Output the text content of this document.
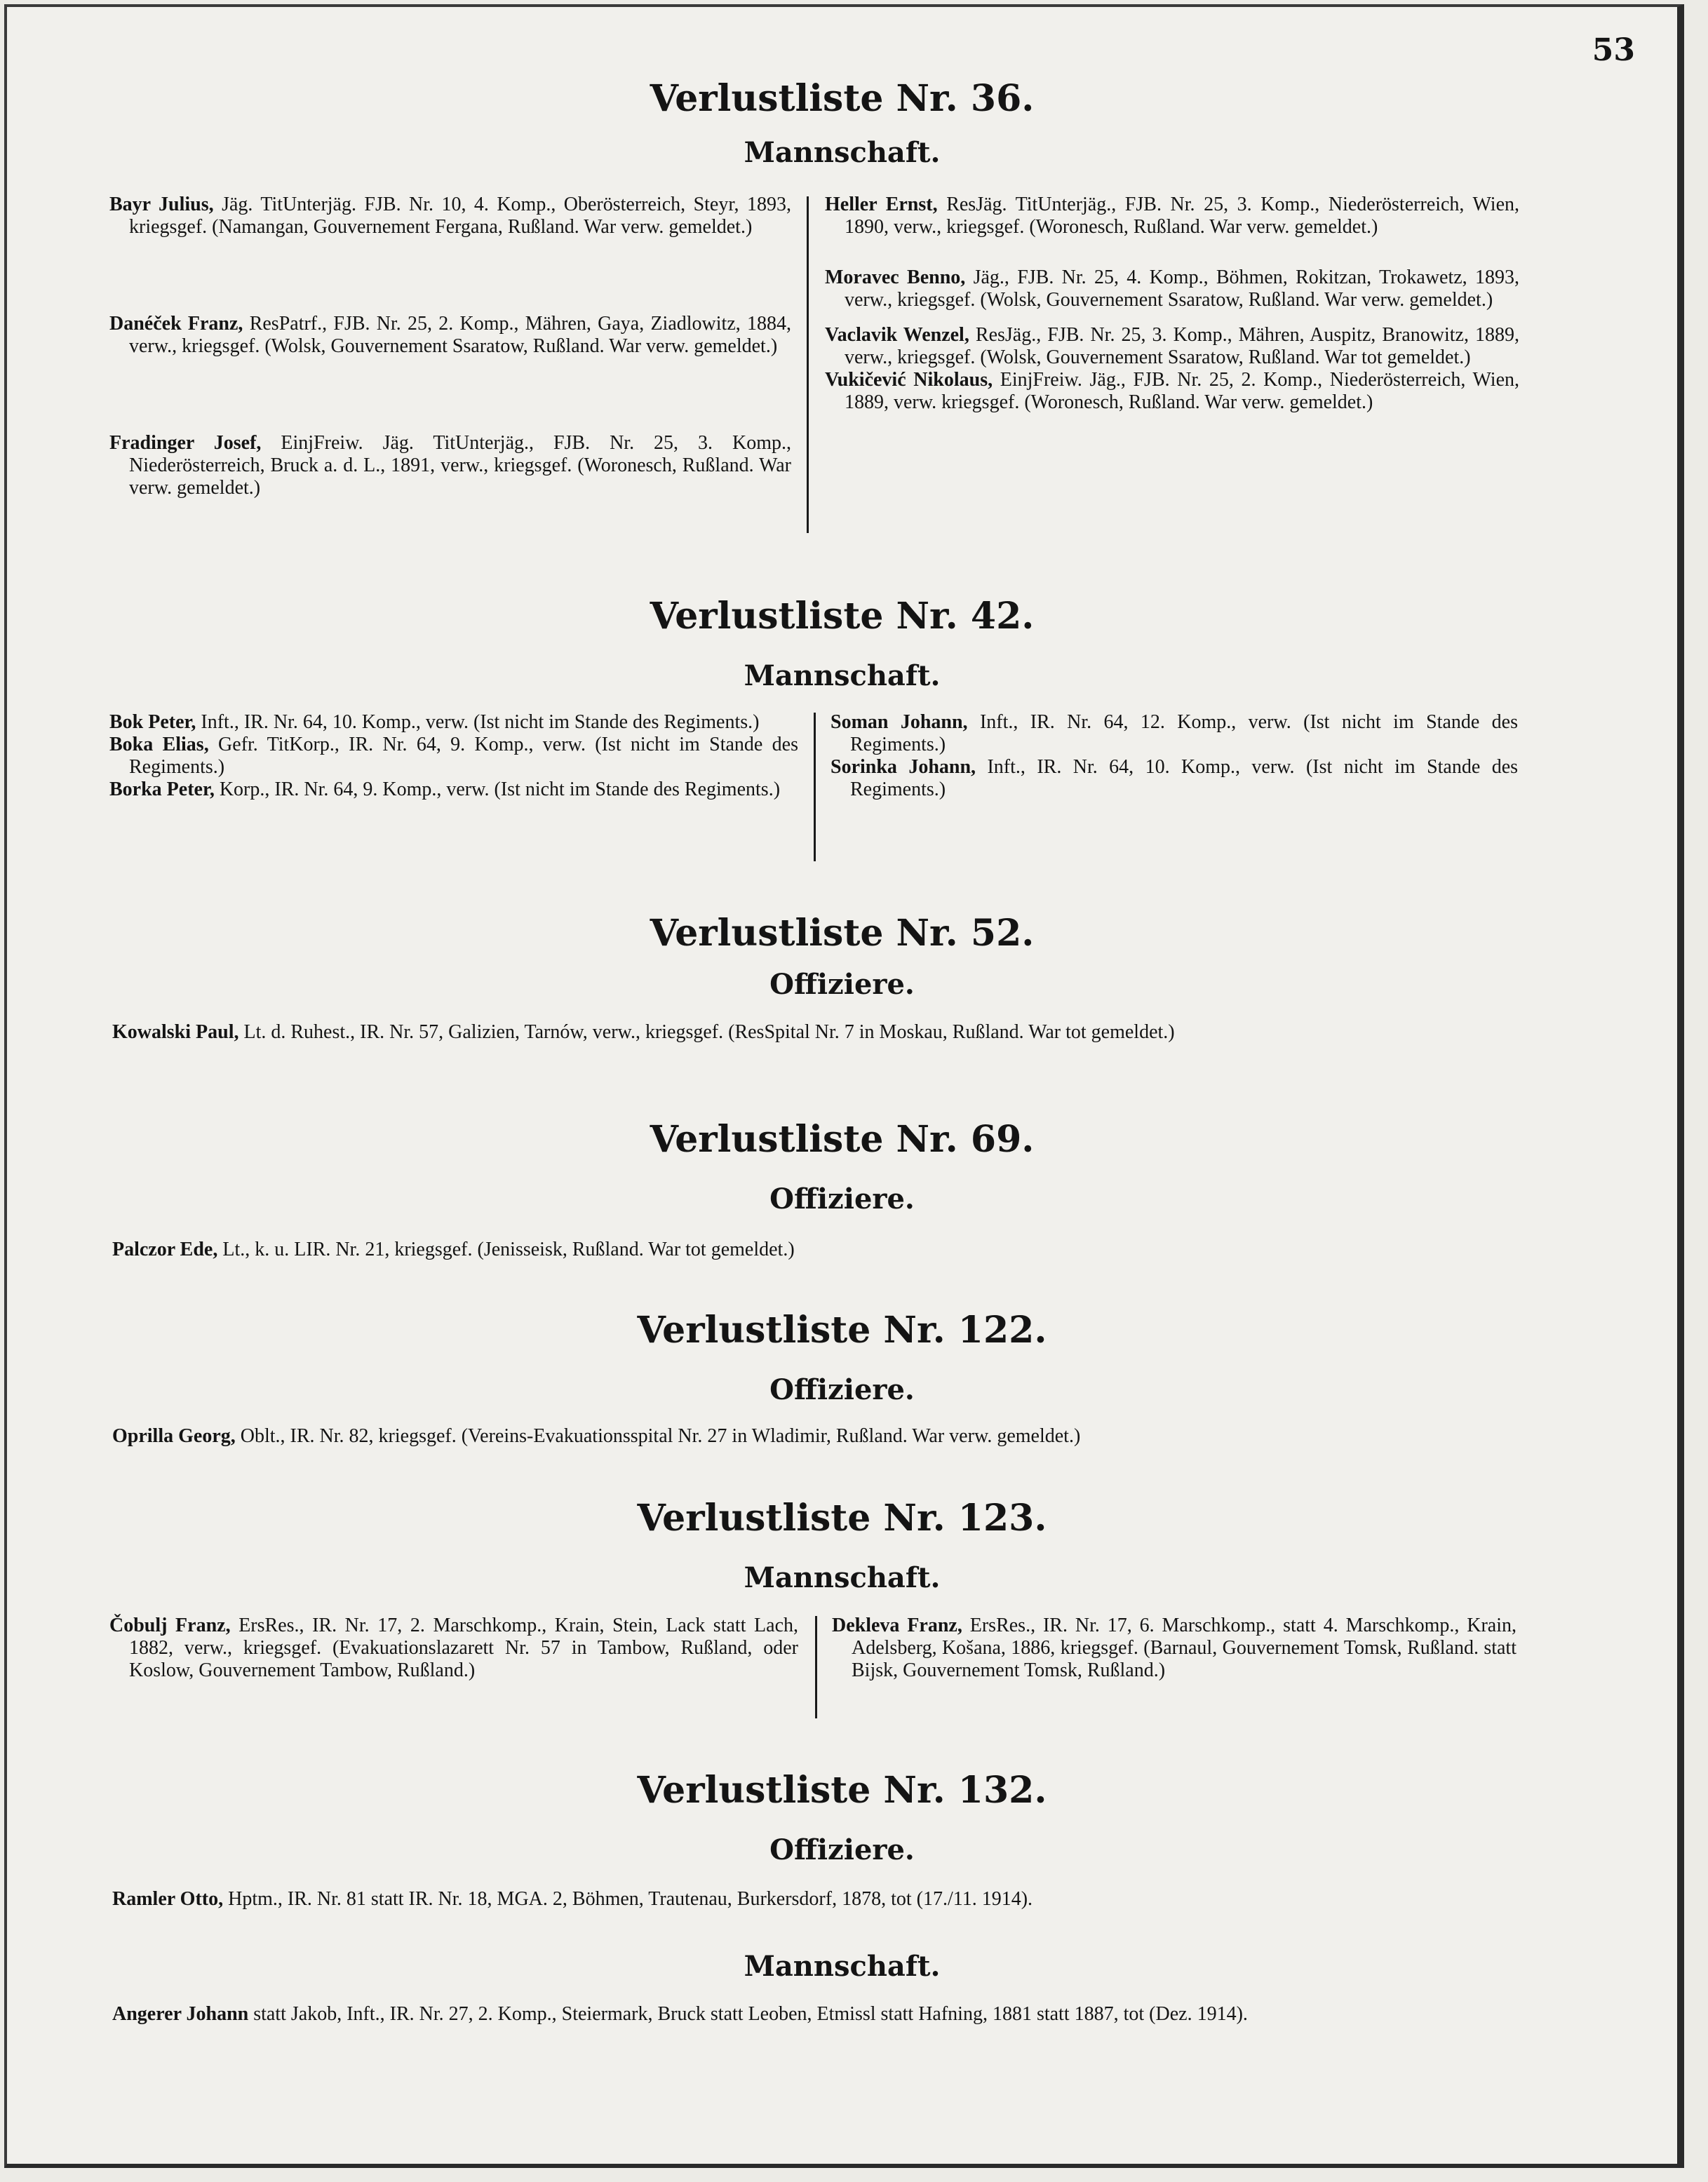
53
Verlustliste Nr. 36.
Mannschaft.

Bayr Julius, Jäg. TitUnterjäg. FJB. Nr. 10, 4. Komp., Oberösterreich, Steyr, 1893, kriegsgef. (Namangan, Gouvernement Fergana, Rußland. War verw. gemeldet.)

Danéček Franz, ResPatrf., FJB. Nr. 25, 2. Komp., Mähren, Gaya, Ziadlowitz, 1884, verw., kriegsgef. (Wolsk, Gouvernement Ssaratow, Rußland. War verw. gemeldet.)

Fradinger Josef, EinjFreiw. Jäg. TitUnterjäg., FJB. Nr. 25, 3. Komp., Niederösterreich, Bruck a. d. L., 1891, verw., kriegsgef. (Woronesch, Rußland. War verw. gemeldet.)

Heller Ernst, ResJäg. TitUnterjäg., FJB. Nr. 25, 3. Komp., Niederösterreich, Wien, 1890, verw., kriegsgef. (Woronesch, Rußland. War verw. gemeldet.)

Moravec Benno, Jäg., FJB. Nr. 25, 4. Komp., Böhmen, Rokitzan, Trokawetz, 1893, verw., kriegsgef. (Wolsk, Gouvernement Ssaratow, Rußland. War verw. gemeldet.)

Vaclavik Wenzel, ResJäg., FJB. Nr. 25, 3. Komp., Mähren, Auspitz, Branowitz, 1889, verw., kriegsgef. (Wolsk, Gouvernement Ssaratow, Rußland. War tot gemeldet.)

Vukičević Nikolaus, EinjFreiw. Jäg., FJB. Nr. 25, 2. Komp., Niederösterreich, Wien, 1889, verw. kriegsgef. (Woronesch, Rußland. War verw. gemeldet.)

Verlustliste Nr. 42.
Mannschaft.

Bok Peter, Inft., IR. Nr. 64, 10. Komp., verw. (Ist nicht im Stande des Regiments.)

Boka Elias, Gefr. TitKorp., IR. Nr. 64, 9. Komp., verw. (Ist nicht im Stande des Regiments.)

Borka Peter, Korp., IR. Nr. 64, 9. Komp., verw. (Ist nicht im Stande des Regiments.)

Soman Johann, Inft., IR. Nr. 64, 12. Komp., verw. (Ist nicht im Stande des Regiments.)

Sorinka Johann, Inft., IR. Nr. 64, 10. Komp., verw. (Ist nicht im Stande des Regiments.)

Verlustliste Nr. 52.
Offiziere.

Kowalski Paul, Lt. d. Ruhest., IR. Nr. 57, Galizien, Tarnów, verw., kriegsgef. (ResSpital Nr. 7 in Moskau, Rußland. War tot gemeldet.)

Verlustliste Nr. 69.
Offiziere.

Palczor Ede, Lt., k. u. LIR. Nr. 21, kriegsgef. (Jenisseisk, Rußland. War tot gemeldet.)

Verlustliste Nr. 122.
Offiziere.

Oprilla Georg, Oblt., IR. Nr. 82, kriegsgef. (Vereins-Evakuationsspital Nr. 27 in Wladimir, Rußland. War verw. gemeldet.)

Verlustliste Nr. 123.
Mannschaft.

Čobulj Franz, ErsRes., IR. Nr. 17, 2. Marschkomp., Krain, Stein, Lack statt Lach, 1882, verw., kriegsgef. (Evakuationslazarett Nr. 57 in Tambow, Rußland, oder Koslow, Gouvernement Tambow, Rußland.)

Dekleva Franz, ErsRes., IR. Nr. 17, 6. Marschkomp., statt 4. Marschkomp., Krain, Adelsberg, Košana, 1886, kriegsgef. (Barnaul, Gouvernement Tomsk, Rußland. statt Bijsk, Gouvernement Tomsk, Rußland.)

Verlustliste Nr. 132.
Offiziere.

Ramler Otto, Hptm., IR. Nr. 81 statt IR. Nr. 18, MGA. 2, Böhmen, Trautenau, Burkersdorf, 1878, tot (17./11. 1914).

Mannschaft.

Angerer Johann statt Jakob, Inft., IR. Nr. 27, 2. Komp., Steiermark, Bruck statt Leoben, Etmissl statt Hafning, 1881 statt 1887, tot (Dez. 1914).
